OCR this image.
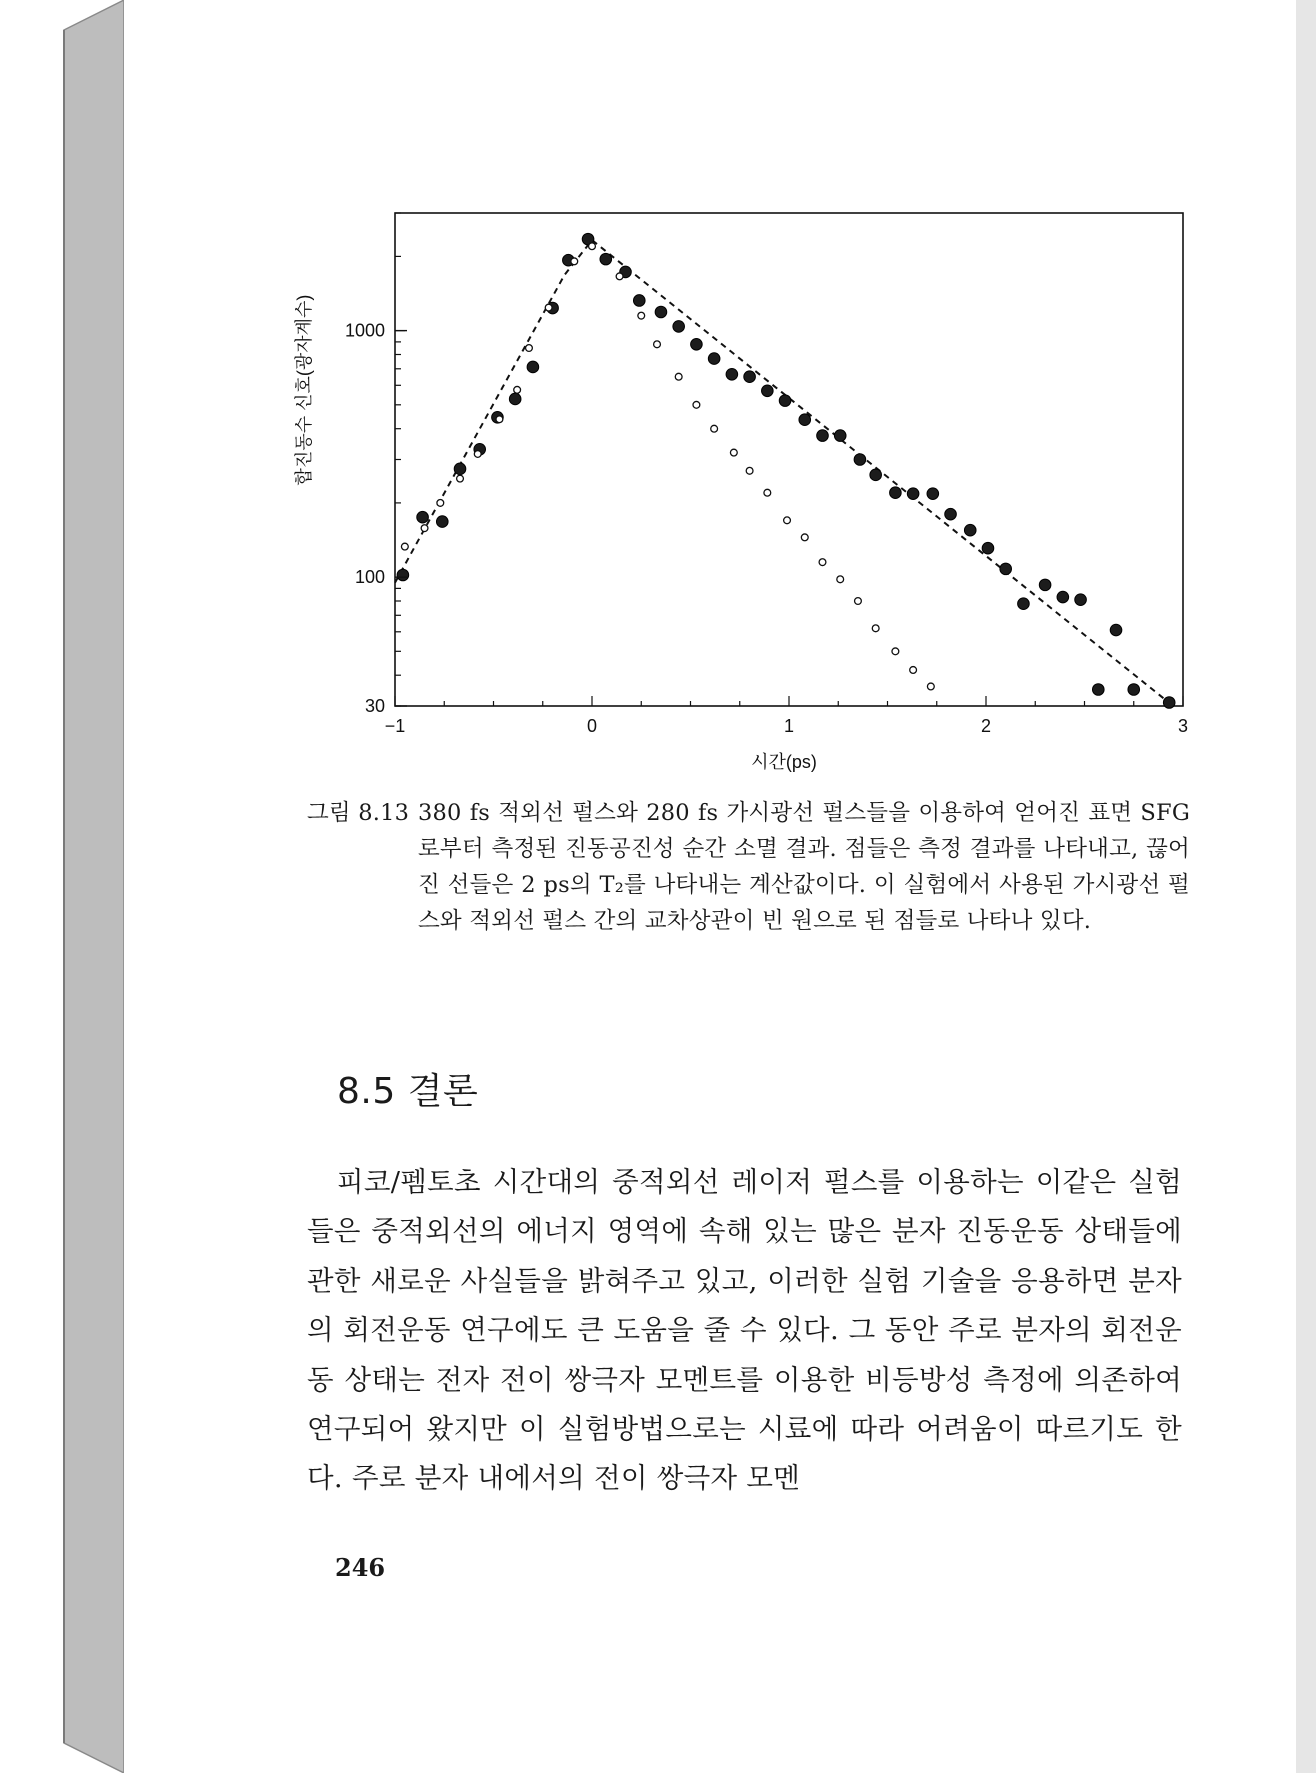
−1	0	1	2	3
30
100
1000
시간(ps)
합진동수 신호(광자계수)
그림 8.13 380 fs 적외선 펄스와 280 fs 가시광선 펄스들을 이용하여 얻어진 표면 SFG로부터 측정된 진동공진성 순간 소멸 결과. 점들은 측정 결과를 나타내고, 끊어진 선들은 2 ps의 T₂를 나타내는 계산값이다. 이 실험에서 사용된 가시광선 펄스와 적외선 펄스 간의 교차상관이 빈 원으로 된 점들로 나타나 있다.
8.5 결론
피코/펨토초 시간대의 중적외선 레이저 펄스를 이용하는 이같은 실험들은 중적외선의 에너지 영역에 속해 있는 많은 분자 진동운동 상태들에 관한 새로운 사실들을 밝혀주고 있고, 이러한 실험 기술을 응용하면 분자의 회전운동 연구에도 큰 도움을 줄 수 있다. 그 동안 주로 분자의 회전운동 상태는 전자 전이 쌍극자 모멘트를 이용한 비등방성 측정에 의존하여 연구되어 왔지만 이 실험방법으로는 시료에 따라 어려움이 따르기도 한다. 주로 분자 내에서의 전이 쌍극자 모멘
246
